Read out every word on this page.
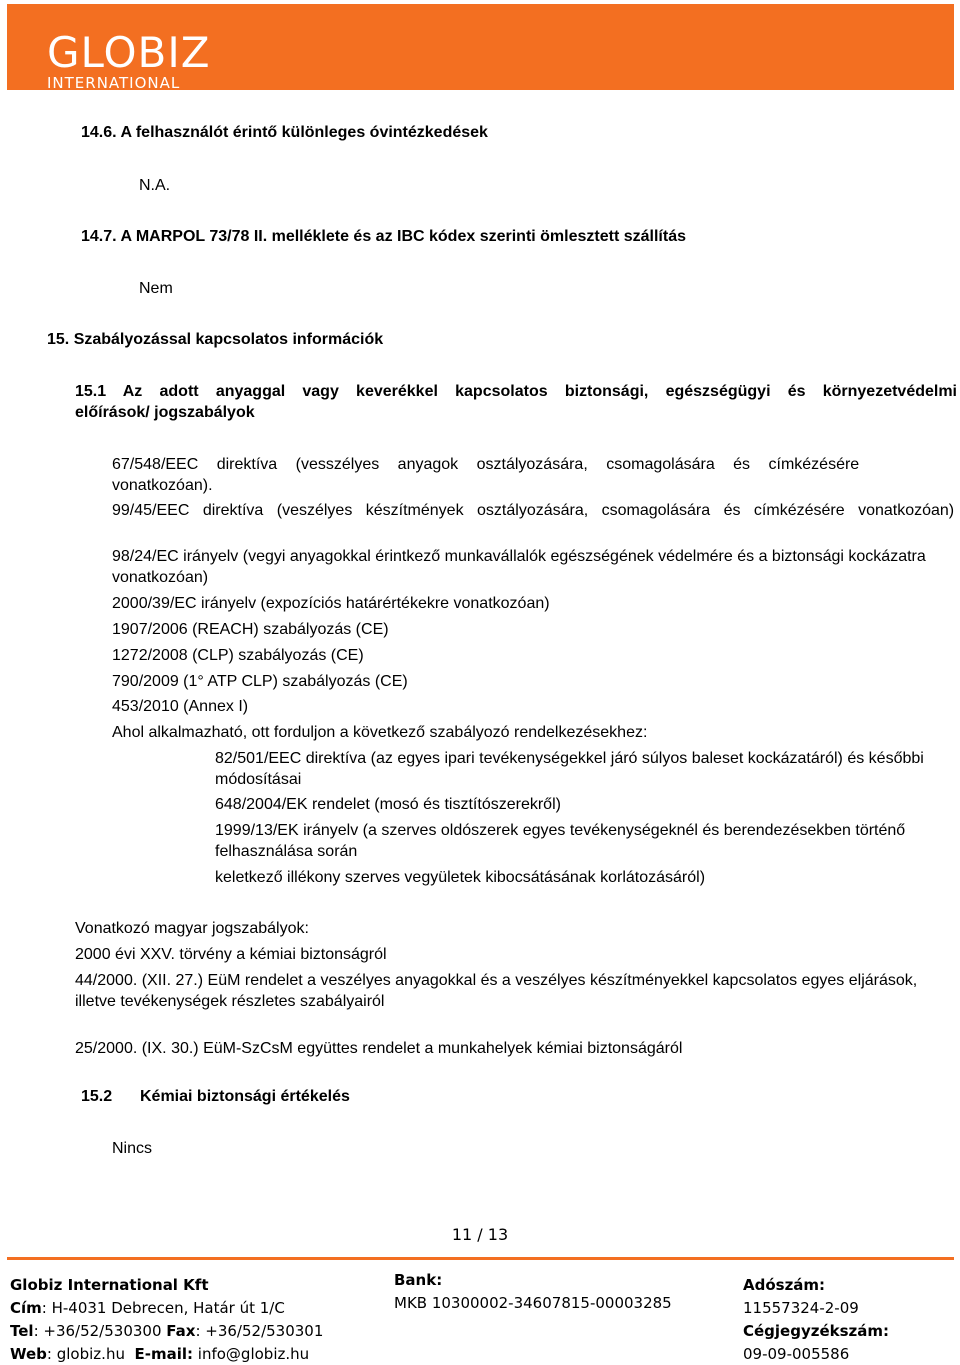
GLOBIZ
INTERNATIONAL
14.6. A felhasználót érintő különleges óvintézkedések
N.A.
14.7. A MARPOL 73/78 II. melléklete és az IBC kódex szerinti ömlesztett szállítás
Nem
15. Szabályozással kapcsolatos információk
15.1 Az adott anyaggal vagy keverékkel kapcsolatos biztonsági, egészségügyi és környezetvédelmi
előírások/ jogszabályok
67/548/EEC direktíva (vesszélyes anyagok osztályozására, csomagolására és címkézésére vonatkozóan).
99/45/EEC direktíva (veszélyes készítmények osztályozására, csomagolására és címkézésére vonatkozóan)
98/24/EC irányelv (vegyi anyagokkal érintkező munkavállalók egészségének védelmére és a biztonsági kockázatra vonatkozóan)
2000/39/EC irányelv (expozíciós határértékekre vonatkozóan)
1907/2006 (REACH) szabályozás (CE)
1272/2008 (CLP) szabályozás (CE)
790/2009 (1° ATP CLP) szabályozás (CE)
453/2010 (Annex I)
Ahol alkalmazható, ott forduljon a következő szabályozó rendelkezésekhez:
82/501/EEC direktíva (az egyes ipari tevékenységekkel járó súlyos baleset kockázatáról) és későbbi módosításai
648/2004/EK rendelet (mosó és tisztítószerekről)
1999/13/EK irányelv (a szerves oldószerek egyes tevékenységeknél és berendezésekben történő felhasználása során
keletkező illékony szerves vegyületek kibocsátásának korlátozásáról)
Vonatkozó magyar jogszabályok:
2000 évi XXV. törvény a kémiai biztonságról
44/2000. (XII. 27.) EüM rendelet a veszélyes anyagokkal és a veszélyes készítményekkel kapcsolatos egyes eljárások, illetve tevékenységek részletes szabályairól
25/2000. (IX. 30.) EüM-SzCsM együttes rendelet a munkahelyek kémiai biztonságáról
15.2 Kémiai biztonsági értékelés
Nincs
11 / 13
Globiz International Kft
Cím: H-4031 Debrecen, Határ út 1/C
Tel: +36/52/530300 Fax: +36/52/530301
Web: globiz.hu E-mail: info@globiz.hu
Bank:
MKB 10300002-34607815-00003285
Adószám:
11557324-2-09
Cégjegyzékszám:
09-09-005586
